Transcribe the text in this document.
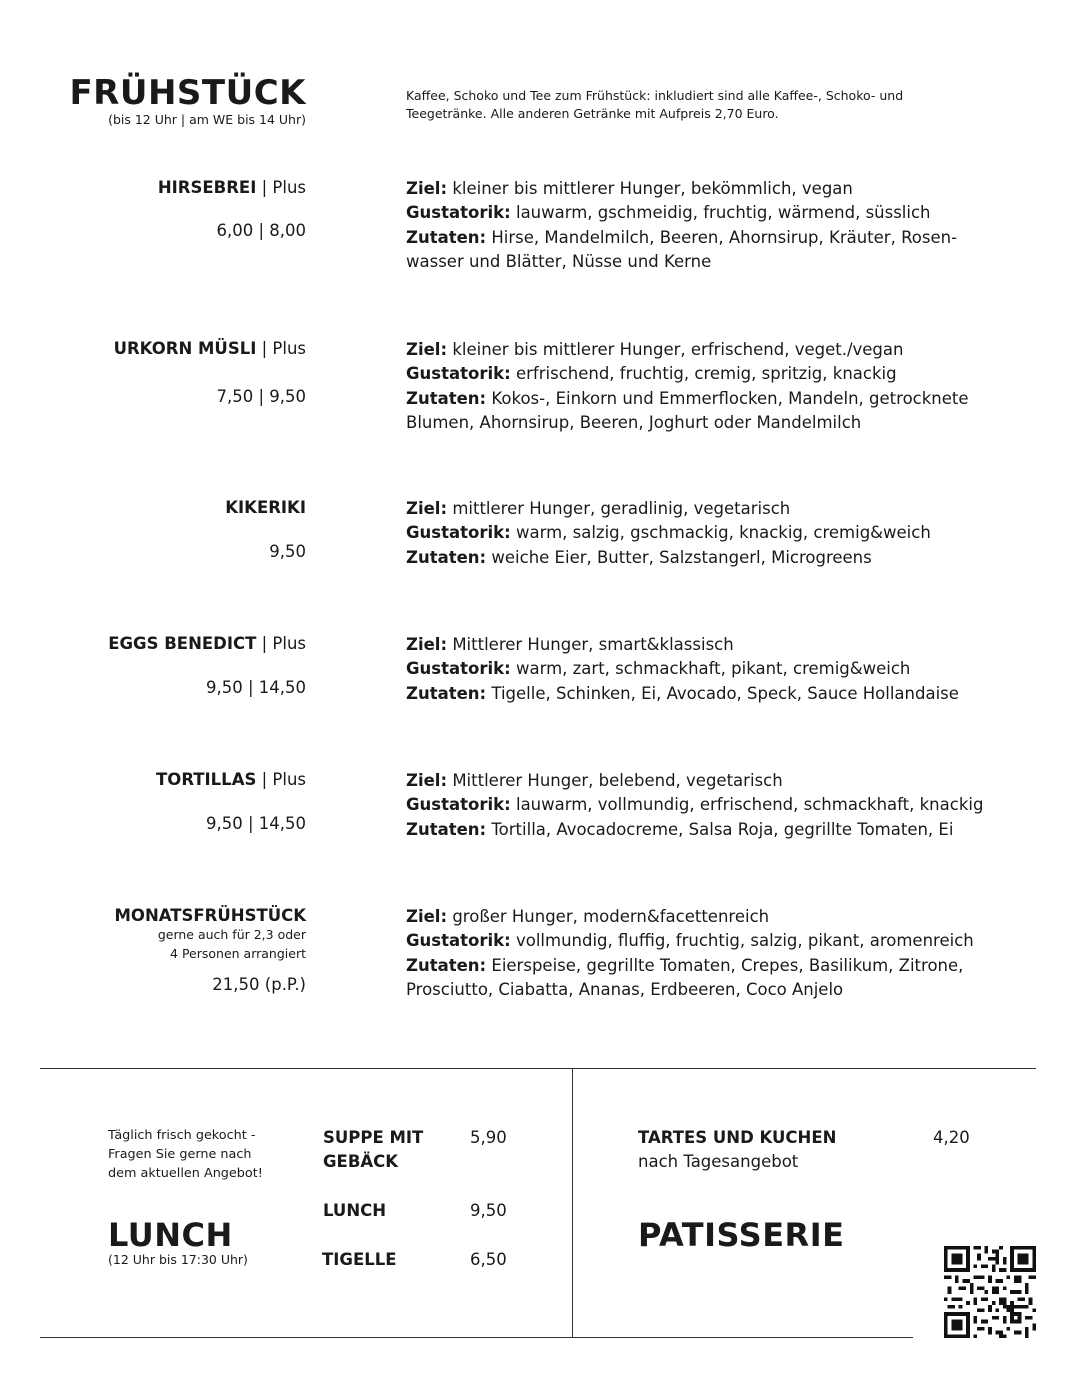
FRÜHSTÜCK
(bis 12 Uhr | am WE bis 14 Uhr)
Kaffee, Schoko und Tee zum Frühstück: inkludiert sind alle Kaffee-, Schoko- und
Teegetränke. Alle anderen Getränke mit Aufpreis 2,70 Euro.
HIRSEBREI | Plus
6,00 | 8,00
Ziel: kleiner bis mittlerer Hunger, bekömmlich, vegan
Gustatorik: lauwarm, gschmeidig, fruchtig, wärmend, süsslich
Zutaten: Hirse, Mandelmilch, Beeren, Ahornsirup, Kräuter, Rosen-
wasser und Blätter, Nüsse und Kerne
URKORN MÜSLI | Plus
7,50 | 9,50
Ziel: kleiner bis mittlerer Hunger, erfrischend, veget./vegan
Gustatorik: erfrischend, fruchtig, cremig, spritzig, knackig
Zutaten: Kokos-, Einkorn und Emmerflocken, Mandeln, getrocknete
Blumen, Ahornsirup, Beeren, Joghurt oder Mandelmilch
KIKERIKI
9,50
Ziel: mittlerer Hunger, geradlinig, vegetarisch
Gustatorik: warm, salzig, gschmackig, knackig, cremig&weich
Zutaten: weiche Eier, Butter, Salzstangerl, Microgreens
EGGS BENEDICT | Plus
9,50 | 14,50
Ziel: Mittlerer Hunger, smart&klassisch
Gustatorik: warm, zart, schmackhaft, pikant, cremig&weich
Zutaten: Tigelle, Schinken, Ei, Avocado, Speck, Sauce Hollandaise
TORTILLAS | Plus
9,50 | 14,50
Ziel: Mittlerer Hunger, belebend, vegetarisch
Gustatorik: lauwarm, vollmundig, erfrischend, schmackhaft, knackig
Zutaten: Tortilla, Avocadocreme, Salsa Roja, gegrillte Tomaten, Ei
MONATSFRÜHSTÜCK
gerne auch für 2,3 oder
4 Personen arrangiert
21,50 (p.P.)
Ziel: großer Hunger, modern&facettenreich
Gustatorik: vollmundig, fluffig, fruchtig, salzig, pikant, aromenreich
Zutaten: Eierspeise, gegrillte Tomaten, Crepes, Basilikum, Zitrone,
Prosciutto, Ciabatta, Ananas, Erdbeeren, Coco Anjelo
Täglich frisch gekocht -
Fragen Sie gerne nach
dem aktuellen Angebot!
LUNCH
(12 Uhr bis 17:30 Uhr)
SUPPE MIT
GEBÄCK
5,90
LUNCH	9,50
TIGELLE	6,50
TARTES UND KUCHEN
nach Tagesangebot
4,20
PATISSERIE
